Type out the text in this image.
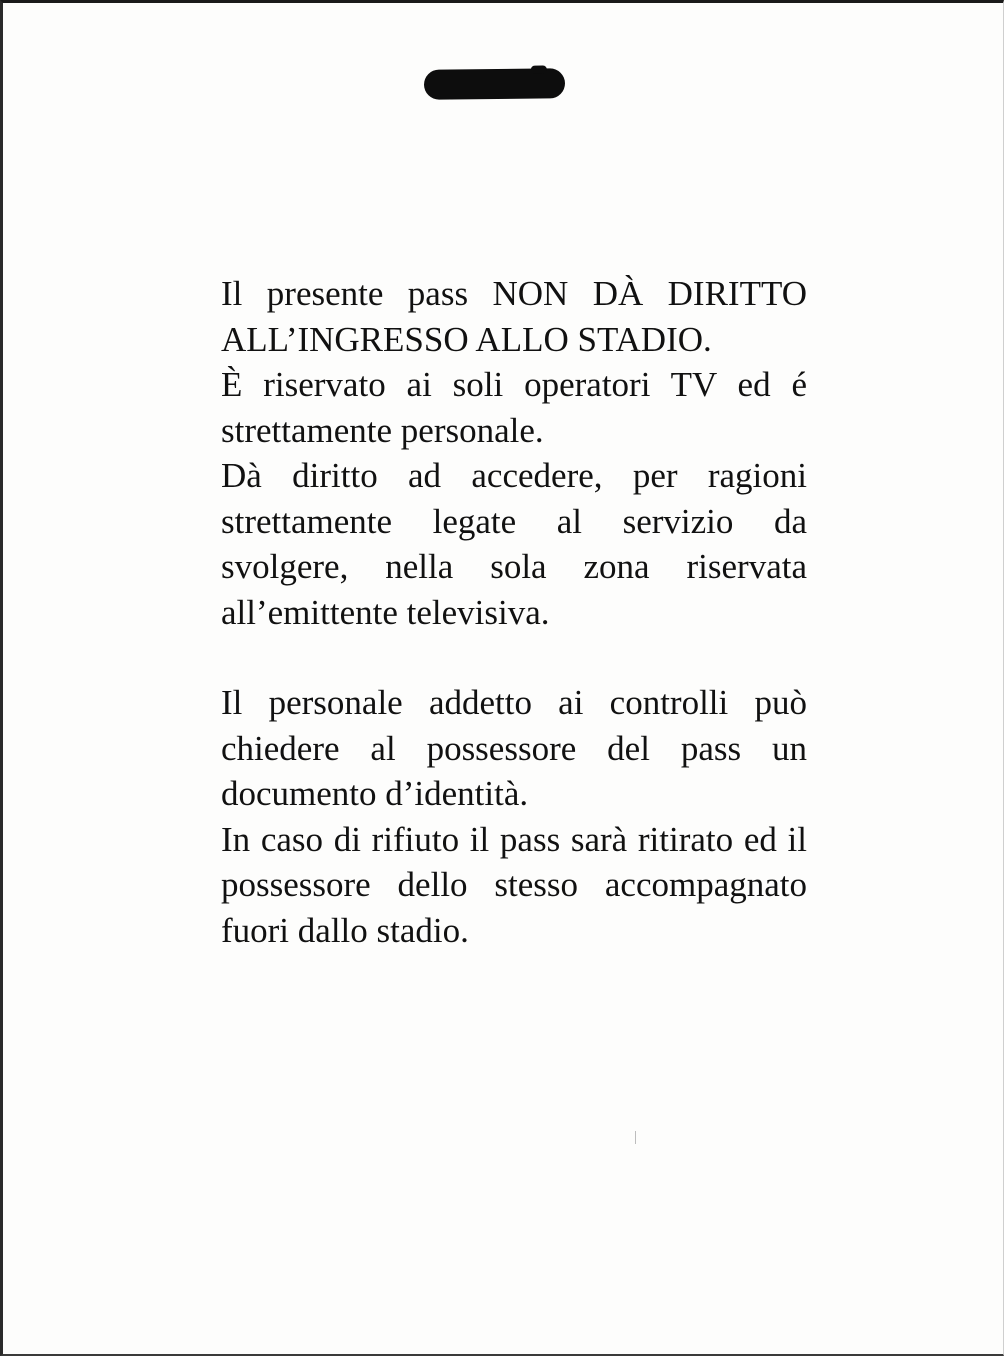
Il presente pass NON DÀ DIRITTO ALL’INGRESSO ALLO STADIO.

È riservato ai soli operatori TV ed é strettamente personale.

Dà diritto ad accedere, per ragioni strettamente legate al servizio da svolgere, nella sola zona riservata all’emittente televisiva.

Il personale addetto ai controlli può chiedere al possessore del pass un documento d’identità.

In caso di rifiuto il pass sarà ritirato ed il possessore dello stesso accompagnato fuori dallo stadio.
